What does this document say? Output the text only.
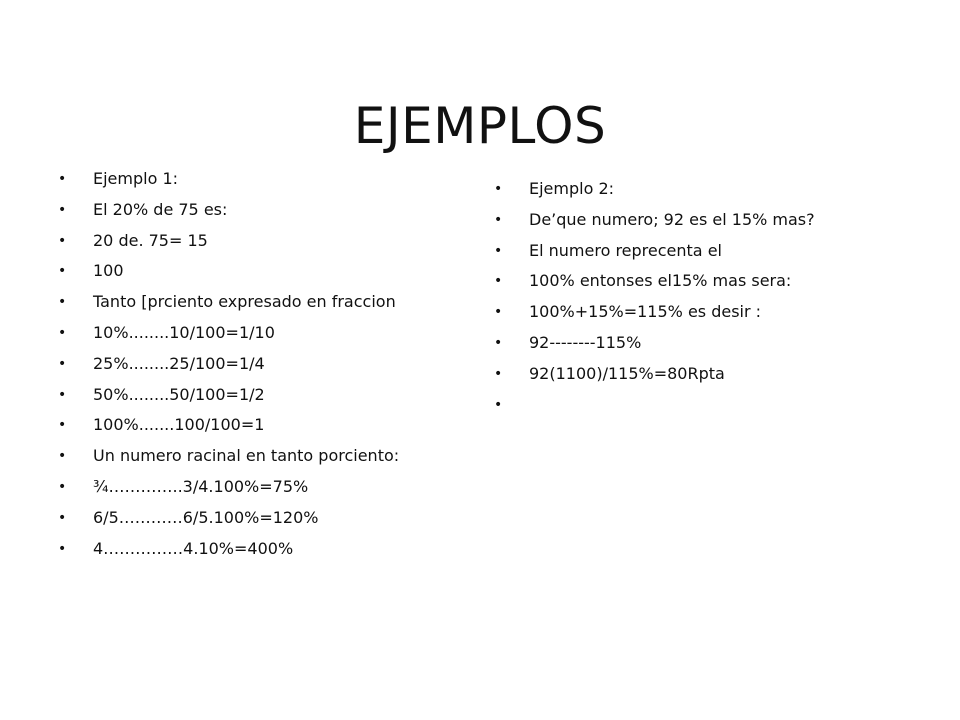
EJEMPLOS
• Ejemplo 1:
• El 20% de 75 es:
• 20 de. 75= 15
• 100
• Tanto [prciento expresado en fraccion
• 10%........10/100=1/10
• 25%........25/100=1/4
• 50%........50/100=1/2
• 100%.......100/100=1
• Un numero racinal en tanto porciento:
• ¾…………..3/4.100%=75%
• 6/5…………6/5.100%=120%
• 4……………4.10%=400%
• Ejemplo 2:
• De’que numero; 92 es el 15% mas?
• El numero reprecenta el
• 100% entonses el15% mas sera:
• 100%+15%=115% es desir :
• 92--------115%
• 92(1100)/115%=80Rpta
•
